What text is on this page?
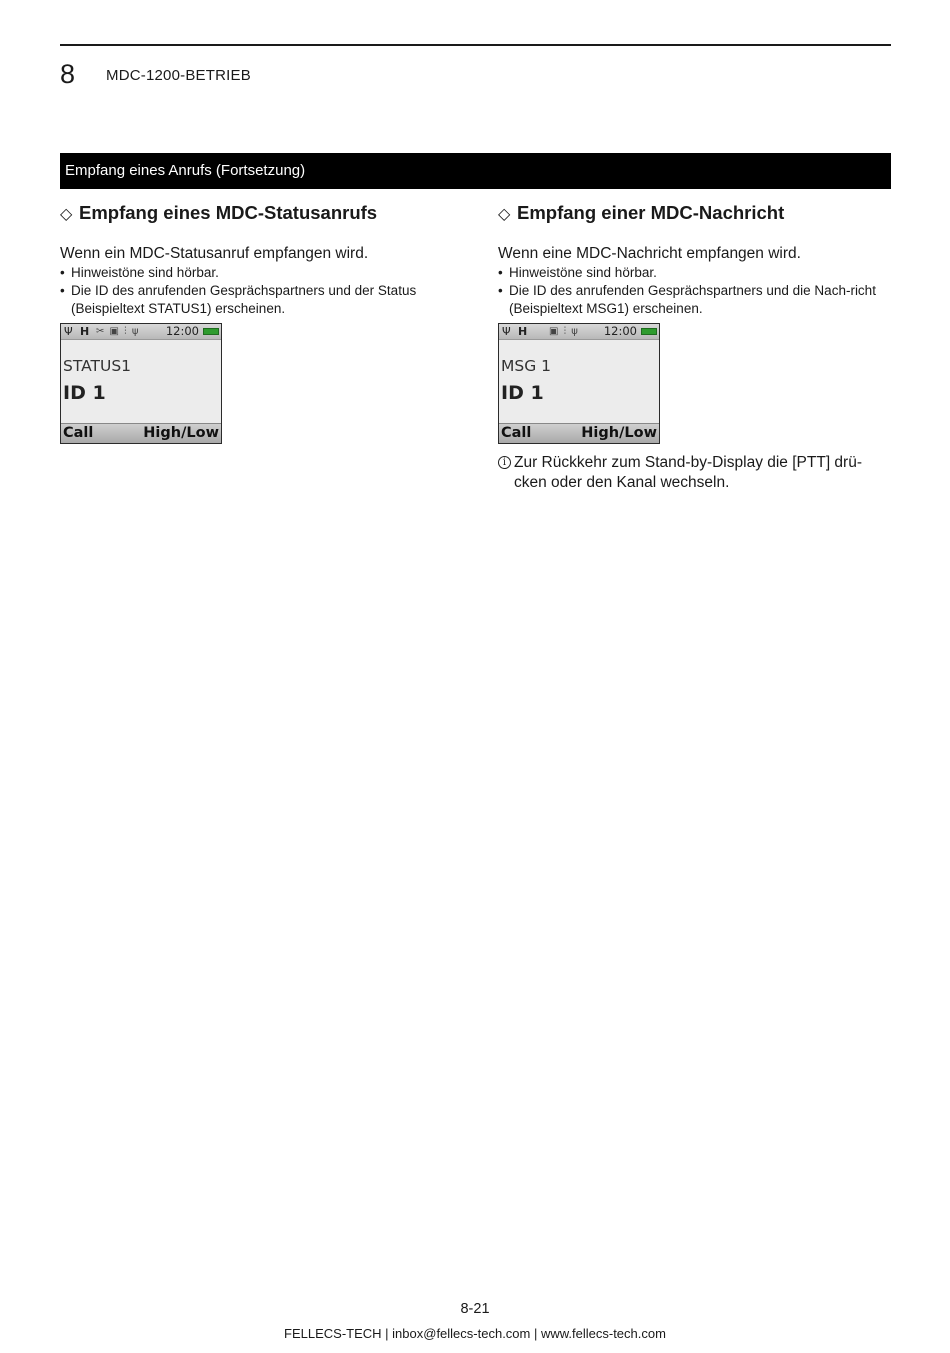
8 MDC-1200-BETRIEB
Empfang eines Anrufs (Fortsetzung)
◇ Empfang eines MDC-Statusanrufs
Wenn ein MDC-Statusanruf empfangen wird.
• Hinweistöne sind hörbar.
• Die ID des anrufenden Gesprächspartners und der Status (Beispieltext STATUS1) erscheinen.
Ψ H ✂ ▣ ⫶ ψ 12:00
STATUS1
ID 1
Call	High/Low
◇ Empfang einer MDC-Nachricht
Wenn eine MDC-Nachricht empfangen wird.
• Hinweistöne sind hörbar.
• Die ID des anrufenden Gesprächspartners und die Nach-richt (Beispieltext MSG1) erscheinen.
Ψ H ▣ ⫶ ψ 12:00
MSG 1
ID 1
Call	High/Low
i Zur Rückkehr zum Stand-by-Display die [PTT] drü-cken oder den Kanal wechseln.
8-21
FELLECS-TECH | inbox@fellecs-tech.com | www.fellecs-tech.com
